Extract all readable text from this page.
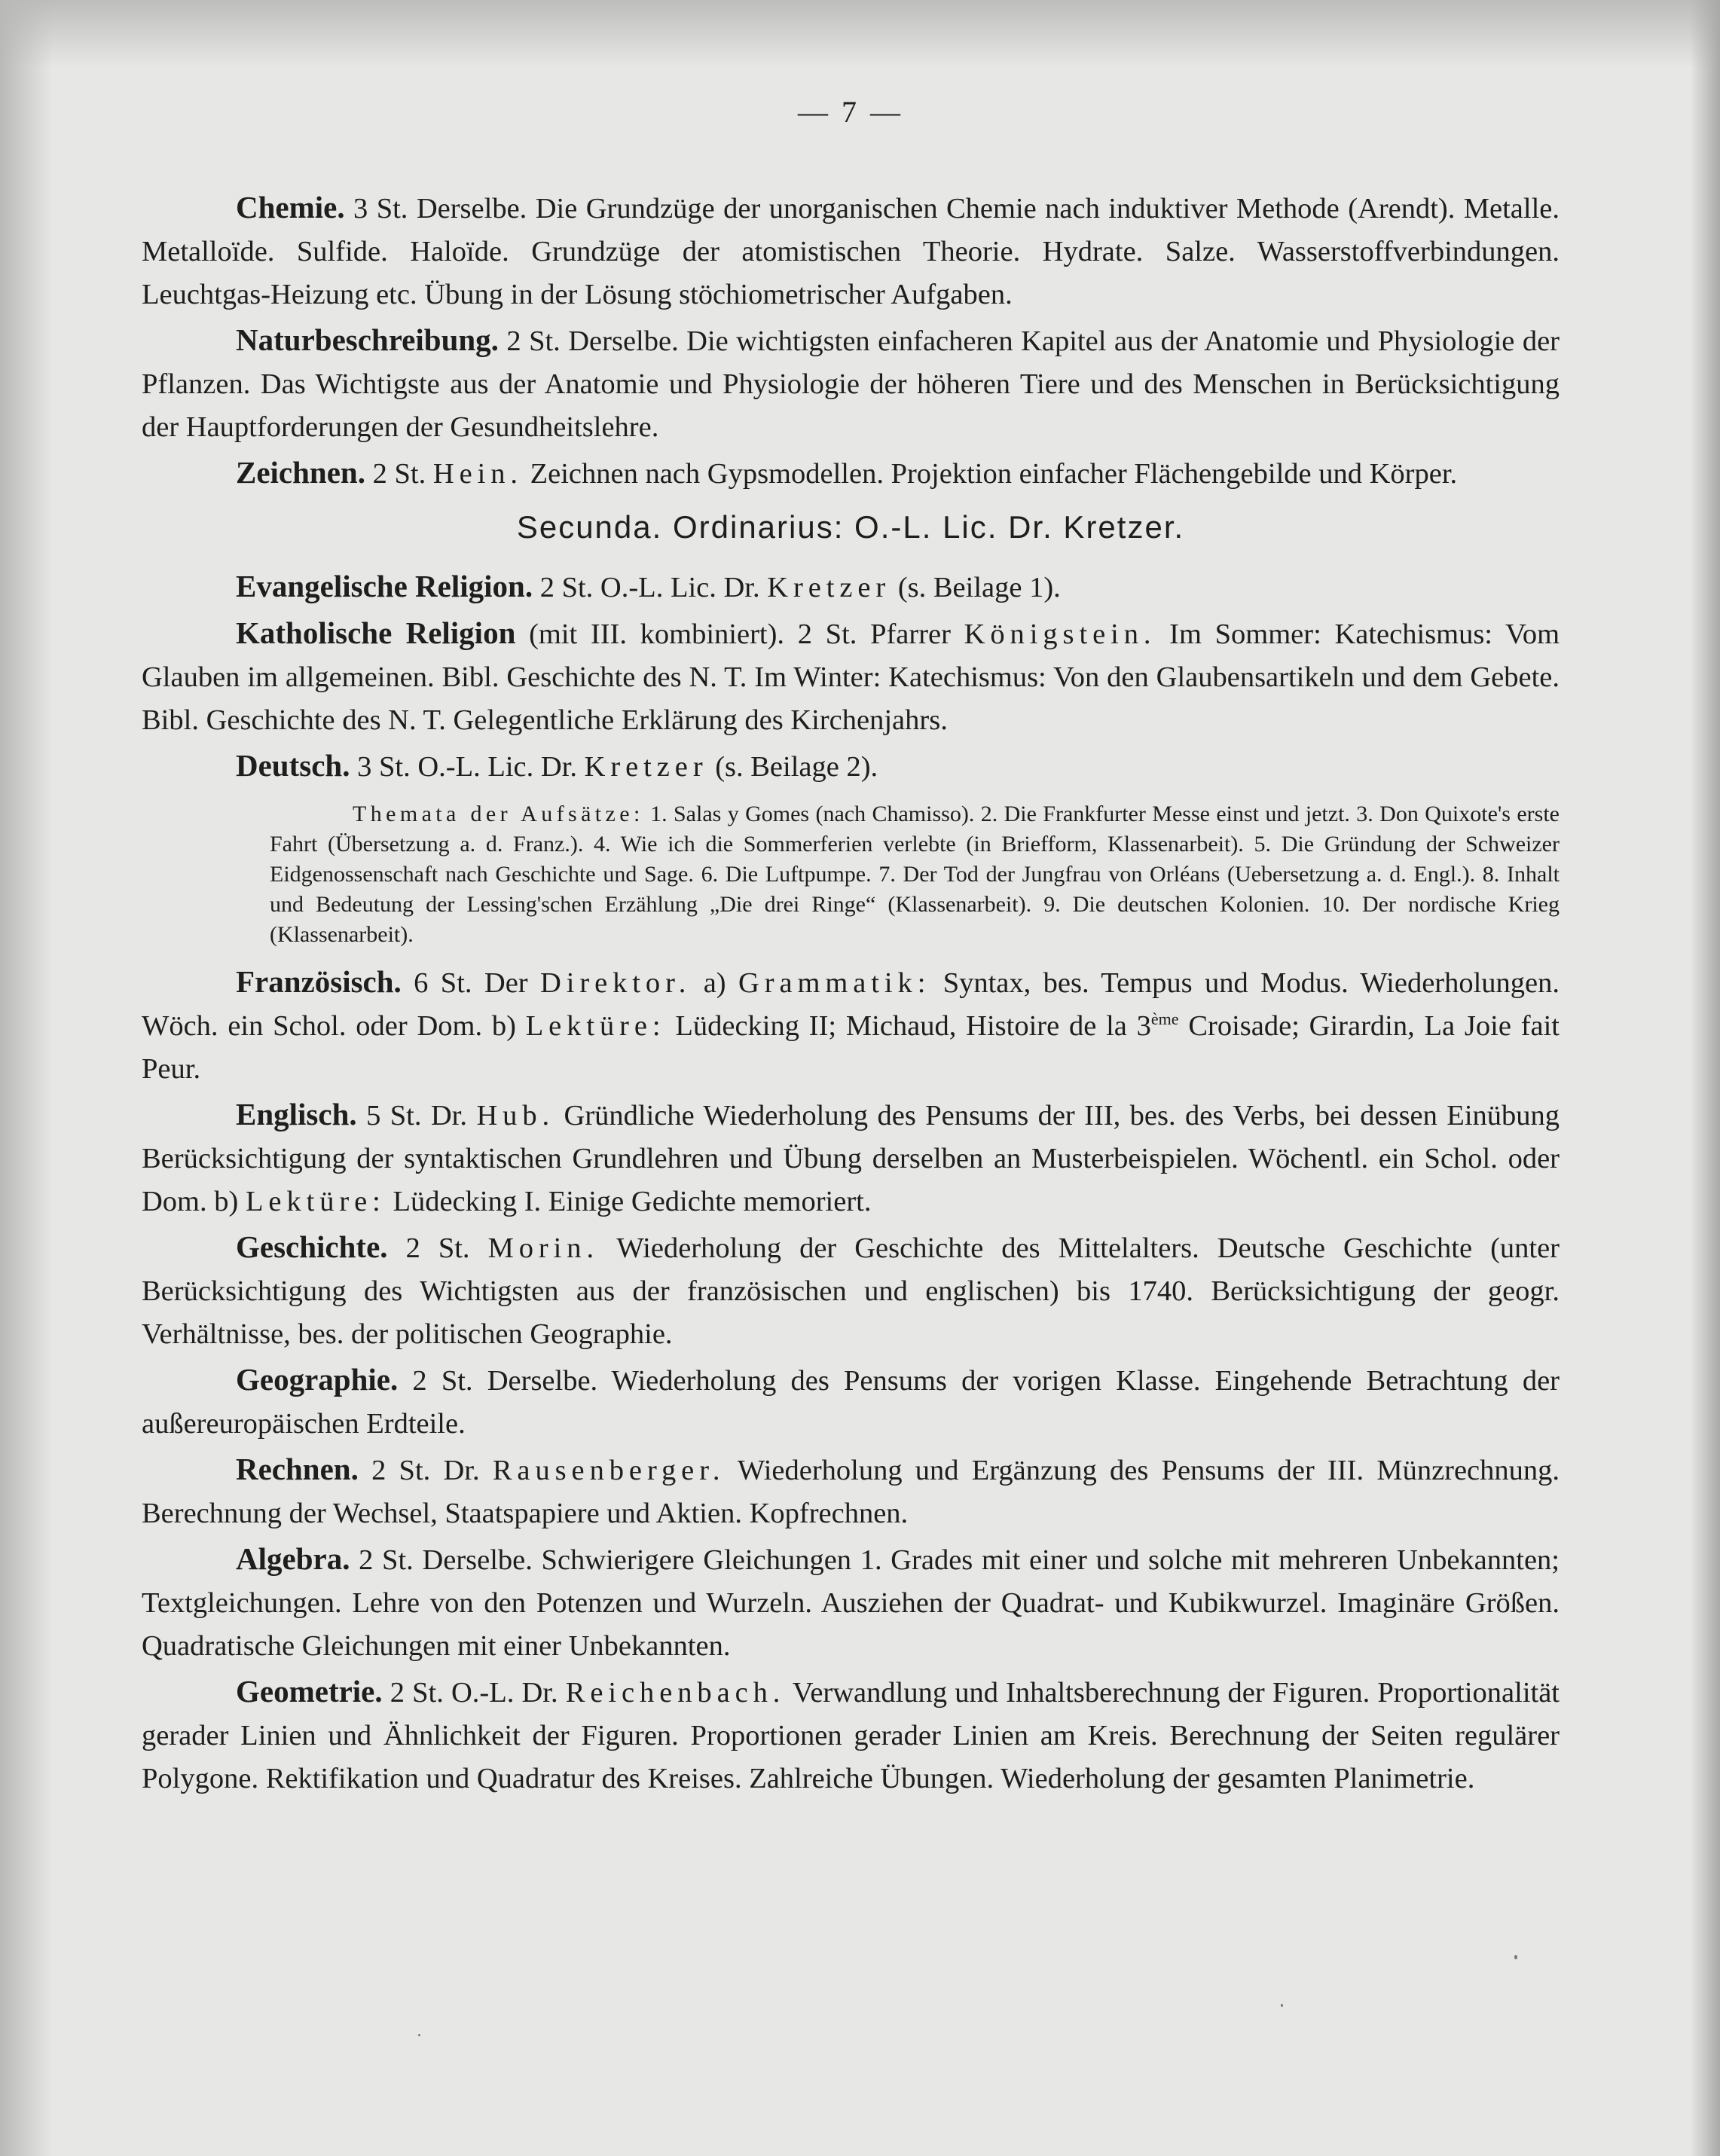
— 7 —

Chemie. 3 St. Derselbe. Die Grundzüge der unorganischen Chemie nach induktiver Methode (Arendt). Metalle. Metalloïde. Sulfide. Haloïde. Grundzüge der atomistischen Theorie. Hydrate. Salze. Wasserstoffverbindungen. Leuchtgas-Heizung etc. Übung in der Lösung stöchiometrischer Aufgaben.

Naturbeschreibung. 2 St. Derselbe. Die wichtigsten einfacheren Kapitel aus der Anatomie und Physiologie der Pflanzen. Das Wichtigste aus der Anatomie und Physiologie der höheren Tiere und des Menschen in Berücksichtigung der Hauptforderungen der Gesundheitslehre.

Zeichnen. 2 St. Hein. Zeichnen nach Gypsmodellen. Projektion einfacher Flächengebilde und Körper.

Secunda. Ordinarius: O.-L. Lic. Dr. Kretzer.

Evangelische Religion. 2 St. O.-L. Lic. Dr. Kretzer (s. Beilage 1).

Katholische Religion (mit III. kombiniert). 2 St. Pfarrer Königstein. Im Sommer: Katechismus: Vom Glauben im allgemeinen. Bibl. Geschichte des N. T. Im Winter: Katechismus: Von den Glaubensartikeln und dem Gebete. Bibl. Geschichte des N. T. Gelegentliche Erklärung des Kirchenjahrs.

Deutsch. 3 St. O.-L. Lic. Dr. Kretzer (s. Beilage 2).

Themata der Aufsätze: 1. Salas y Gomes (nach Chamisso). 2. Die Frankfurter Messe einst und jetzt. 3. Don Quixote's erste Fahrt (Übersetzung a. d. Franz.). 4. Wie ich die Sommerferien verlebte (in Briefform, Klassenarbeit). 5. Die Gründung der Schweizer Eidgenossenschaft nach Geschichte und Sage. 6. Die Luftpumpe. 7. Der Tod der Jungfrau von Orléans (Uebersetzung a. d. Engl.). 8. Inhalt und Bedeutung der Lessing'schen Erzählung „Die drei Ringe“ (Klassenarbeit). 9. Die deutschen Kolonien. 10. Der nordische Krieg (Klassenarbeit).

Französisch. 6 St. Der Direktor. a) Grammatik: Syntax, bes. Tempus und Modus. Wiederholungen. Wöch. ein Schol. oder Dom. b) Lektüre: Lüdecking II; Michaud, Histoire de la 3ème Croisade; Girardin, La Joie fait Peur.

Englisch. 5 St. Dr. Hub. Gründliche Wiederholung des Pensums der III, bes. des Verbs, bei dessen Einübung Berücksichtigung der syntaktischen Grundlehren und Übung derselben an Musterbeispielen. Wöchentl. ein Schol. oder Dom. b) Lektüre: Lüdecking I. Einige Gedichte memoriert.

Geschichte. 2 St. Morin. Wiederholung der Geschichte des Mittelalters. Deutsche Geschichte (unter Berücksichtigung des Wichtigsten aus der französischen und englischen) bis 1740. Berücksichtigung der geogr. Verhältnisse, bes. der politischen Geographie.

Geographie. 2 St. Derselbe. Wiederholung des Pensums der vorigen Klasse. Eingehende Betrachtung der außereuropäischen Erdteile.

Rechnen. 2 St. Dr. Rausenberger. Wiederholung und Ergänzung des Pensums der III. Münzrechnung. Berechnung der Wechsel, Staatspapiere und Aktien. Kopfrechnen.

Algebra. 2 St. Derselbe. Schwierigere Gleichungen 1. Grades mit einer und solche mit mehreren Unbekannten; Textgleichungen. Lehre von den Potenzen und Wurzeln. Ausziehen der Quadrat- und Kubikwurzel. Imaginäre Größen. Quadratische Gleichungen mit einer Unbekannten.

Geometrie. 2 St. O.-L. Dr. Reichenbach. Verwandlung und Inhaltsberechnung der Figuren. Proportionalität gerader Linien und Ähnlichkeit der Figuren. Proportionen gerader Linien am Kreis. Berechnung der Seiten regulärer Polygone. Rektifikation und Quadratur des Kreises. Zahlreiche Übungen. Wiederholung der gesamten Planimetrie.
